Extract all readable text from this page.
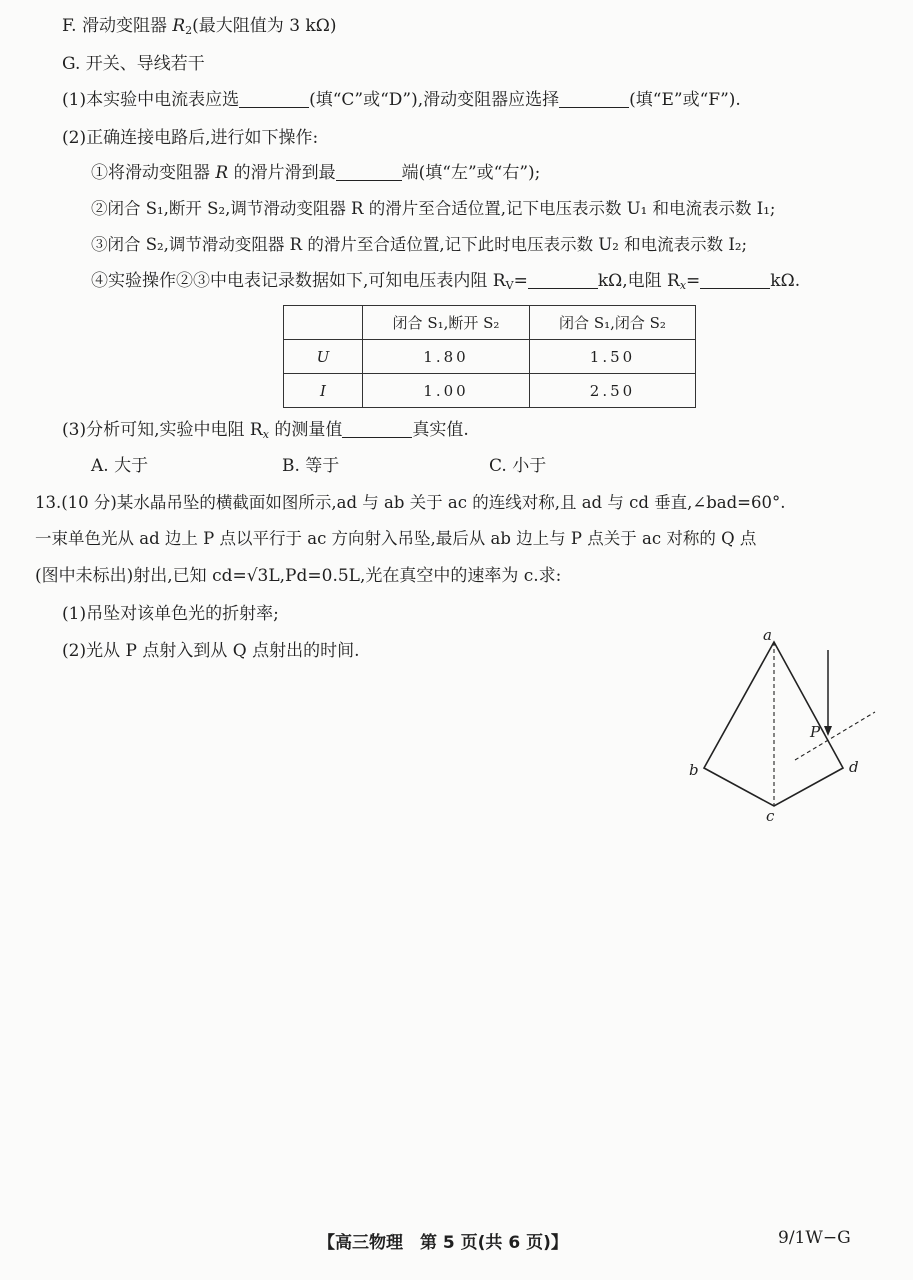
F. 滑动变阻器 $R_2$(最大阻值为 3 kΩ)
G. 开关、导线若干
(1)本实验中电流表应选	(填“C”或“D”),滑动变阻器应选择	(填“E”或“F”).
(2)正确连接电路后,进行如下操作:
①将滑动变阻器 R 的滑片滑到最	端(填“左”或“右”);
②闭合 S₁,断开 S₂,调节滑动变阻器 R 的滑片至合适位置,记下电压表示数 U₁ 和电流表示数 I₁;
③闭合 S₂,调节滑动变阻器 R 的滑片至合适位置,记下此时电压表示数 U₂ 和电流表示数 I₂;
④实验操作②③中电表记录数据如下,可知电压表内阻 $R_V=$	kΩ,电阻 $R_x=$	kΩ.
	闭合 S₁,断开 S₂	闭合 S₁,闭合 S₂
U	1.80	1.50
I	1.00	2.50
(3)分析可知,实验中电阻 $R_x$ 的测量值	真实值.
A. 大于	B. 等于	C. 小于
13.(10 分)某水晶吊坠的横截面如图所示,ad 与 ab 关于 ac 的连线对称,且 ad 与 cd 垂直,∠bad=60°.
一束单色光从 ad 边上 P 点以平行于 ac 方向射入吊坠,最后从 ab 边上与 P 点关于 ac 对称的 Q 点
(图中未标出)射出,已知 cd=√3L,Pd=0.5L,光在真空中的速率为 c.求:
(1)吊坠对该单色光的折射率;
(2)光从 P 点射入到从 Q 点射出的时间.
a
b
c
d
P
【高三物理　第 5 页(共 6 页)】	9/1W−G
